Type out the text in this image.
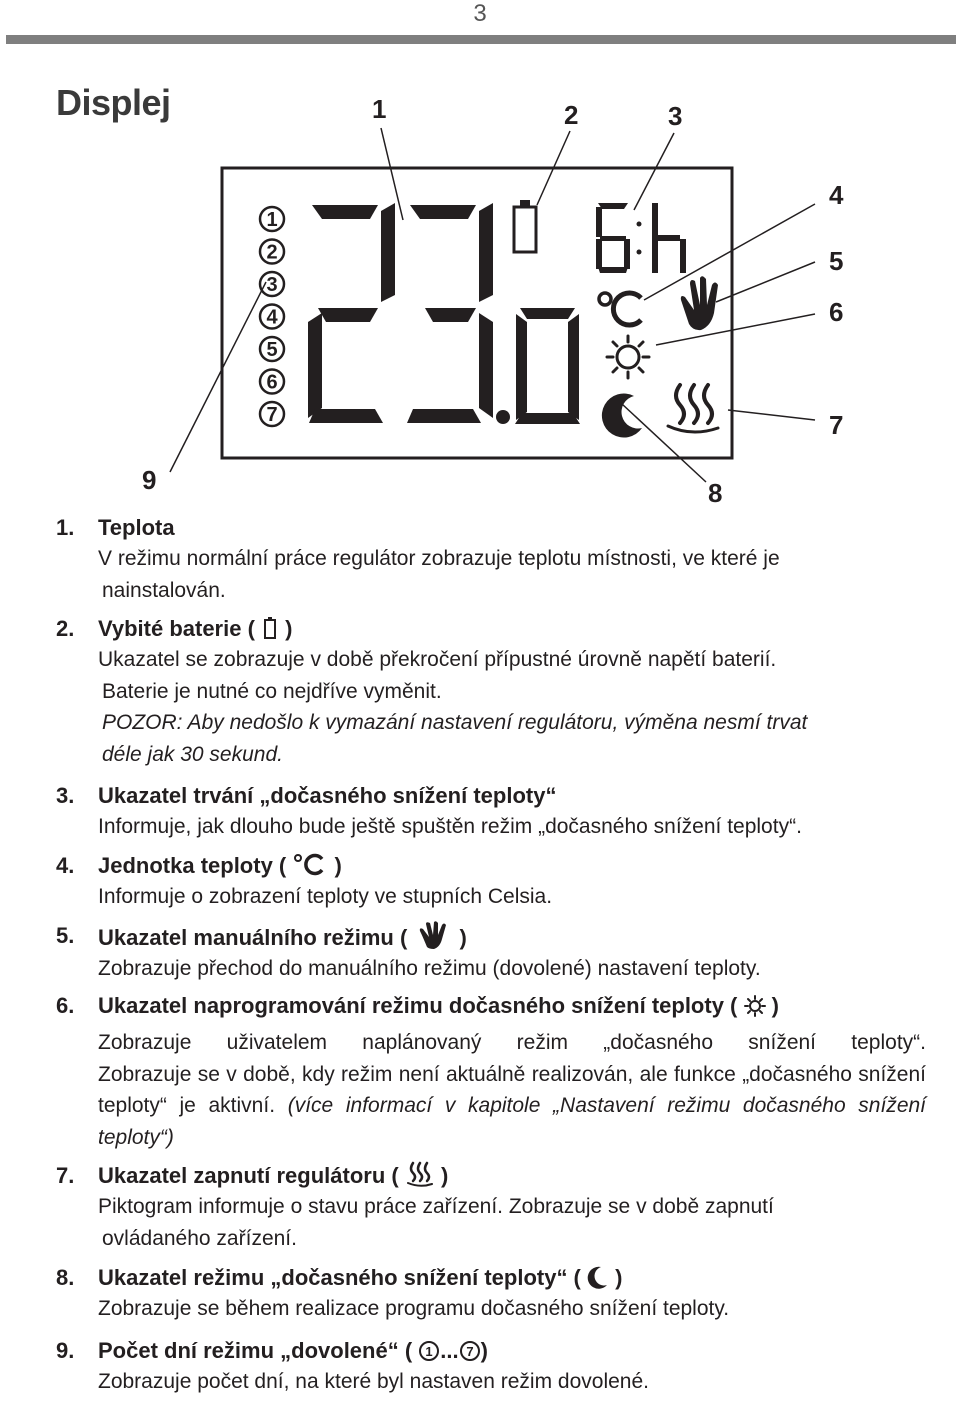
3
Displej
1
2
3
4
5
6
7
1	2	3
4
5
6
7
8
9
1.	Teplota
V režimu normální práce regulátor zobrazuje teplotu místnosti, ve které je
nainstalován.
2.	Vybité baterie ( )
Ukazatel se zobrazuje v době překročení přípustné úrovně napětí baterií.
Baterie je nutné co nejdříve vyměnit.
POZOR: Aby nedošlo k vymazání nastavení regulátoru, výměna nesmí trvat
déle jak 30 sekund.
3.	Ukazatel trvání „dočasného snížení teploty“
Informuje, jak dlouho bude ještě spuštěn režim „dočasného snížení teploty“.
4.	Jednotka teploty ( )
Informuje o zobrazení teploty ve stupních Celsia.
5.	Ukazatel manuálního režimu ( )
Zobrazuje přechod do manuálního režimu (dovolené) nastavení teploty.
6.	Ukazatel naprogramování režimu dočasného snížení teploty ( )
Zobrazuje uživatelem naplánovaný režim „dočasného snížení teploty“.
Zobrazuje se v době, kdy režim není aktuálně realizován, ale funkce „dočasného snížení teploty“ je aktivní. (více informací v kapitole „Nastavení režimu dočasného snížení teploty“)
7.	Ukazatel zapnutí regulátoru ( )
Piktogram informuje o stavu práce zařízení. Zobrazuje se v době zapnutí
ovládaného zařízení.
8.	Ukazatel režimu „dočasného snížení teploty“ ( )
Zobrazuje se během realizace programu dočasného snížení teploty.
9.	Počet dní režimu „dovolené“ ( 1 ... 7 )
Zobrazuje počet dní, na které byl nastaven režim dovolené.
